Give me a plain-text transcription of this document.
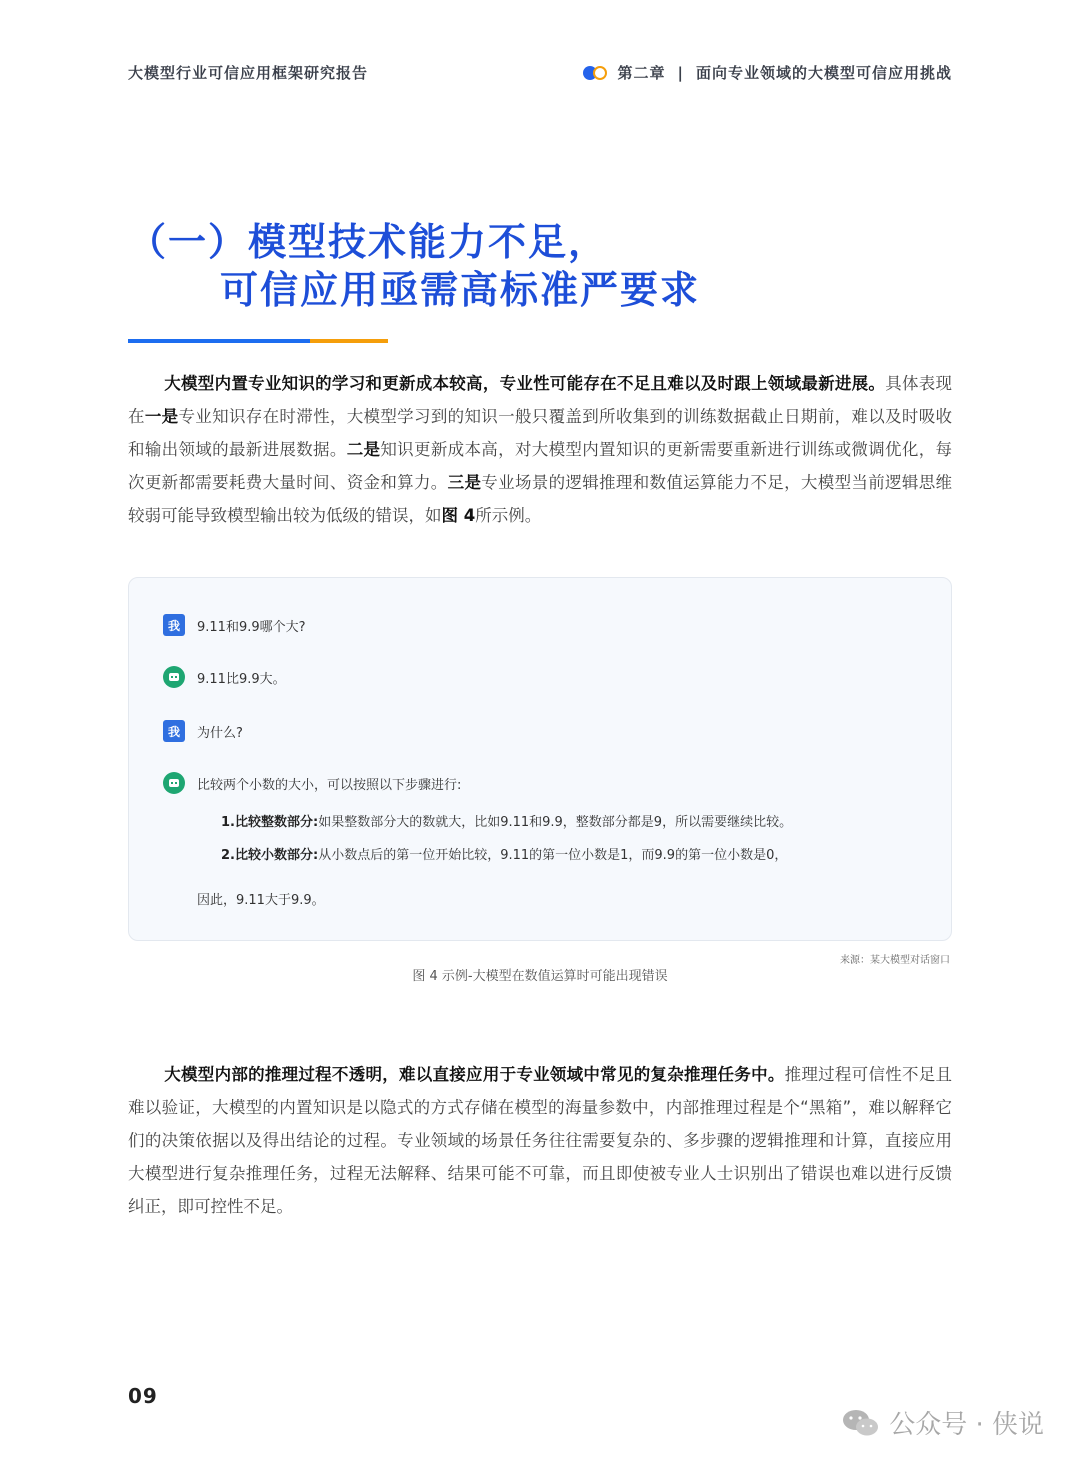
大模型行业可信应用框架研究报告	第二章 | 面向专业领域的大模型可信应用挑战
（一）模型技术能力不足，
可信应用亟需高标准严要求
大模型内置专业知识的学习和更新成本较高，专业性可能存在不足且难以及时跟上领域最新进展。具体表现在一是专业知识存在时滞性，大模型学习到的知识一般只覆盖到所收集到的训练数据截止日期前，难以及时吸收和输出领域的最新进展数据。二是知识更新成本高，对大模型内置知识的更新需要重新进行训练或微调优化，每次更新都需要耗费大量时间、资金和算力。三是专业场景的逻辑推理和数值运算能力不足，大模型当前逻辑思维较弱可能导致模型输出较为低级的错误，如图 4所示例。
我	9.11和9.9哪个大?
9.11比9.9大。
我	为什么?
比较两个小数的大小，可以按照以下步骤进行:
1.比较整数部分:如果整数部分大的数就大，比如9.11和9.9，整数部分都是9，所以需要继续比较。
2.比较小数部分:从小数点后的第一位开始比较，9.11的第一位小数是1，而9.9的第一位小数是0，
因此，9.11大于9.9。
来源：某大模型对话窗口
图 4 示例-大模型在数值运算时可能出现错误
大模型内部的推理过程不透明，难以直接应用于专业领域中常见的复杂推理任务中。推理过程可信性不足且难以验证，大模型的内置知识是以隐式的方式存储在模型的海量参数中，内部推理过程是个“黑箱”，难以解释它们的决策依据以及得出结论的过程。专业领域的场景任务往往需要复杂的、多步骤的逻辑推理和计算，直接应用大模型进行复杂推理任务，过程无法解释、结果可能不可靠，而且即使被专业人士识别出了错误也难以进行反馈纠正，即可控性不足。
09
公众号 · 侠说
